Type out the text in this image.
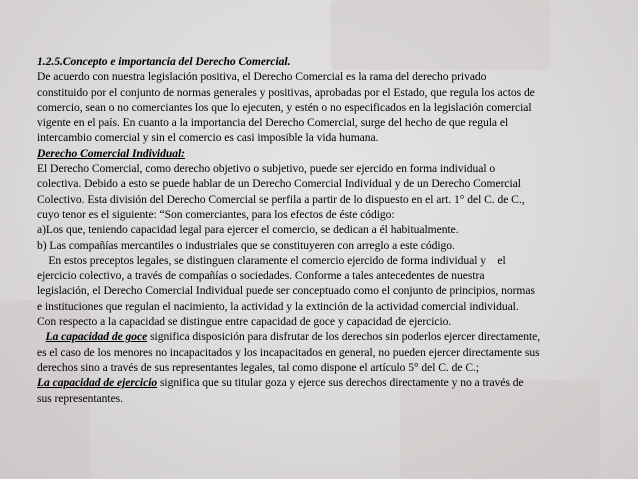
1.2.5.Concepto e importancia del Derecho Comercial.

De acuerdo con nuestra legislación positiva, el Derecho Comercial es la rama del derecho privado

constituido por el conjunto de normas generales y positivas, aprobadas por el Estado, que regula los actos de

comercio, sean o no comerciantes los que lo ejecuten, y estén o no especificados en la legislación comercial

vigente en el país. En cuanto a la importancia del Derecho Comercial, surge del hecho de que regula el

intercambio comercial y sin el comercio es casi imposible la vida humana.

Derecho Comercial Individual:

El Derecho Comercial, como derecho objetivo o subjetivo, puede ser ejercido en forma individual o

colectiva. Debido a esto se puede hablar de un Derecho Comercial Individual y de un Derecho Comercial

Colectivo. Esta división del Derecho Comercial se perfila a partir de lo dispuesto en el art. 1° del C. de C.,

cuyo tenor es el siguiente: “Son comerciantes, para los efectos de éste código:

a)Los que, teniendo capacidad legal para ejercer el comercio, se dedican a él habitualmente.

b) Las compañías mercantiles o industriales que se constituyeren con arreglo a este código.

En estos preceptos legales, se distinguen claramente el comercio ejercido de forma individual y    el

ejercicio colectivo, a través de compañías o sociedades. Conforme a tales antecedentes de nuestra

legislación, el Derecho Comercial Individual puede ser conceptuado como el conjunto de principios, normas

e instituciones que regulan el nacimiento, la actividad y la extinción de la actividad comercial individual.

Con respecto a la capacidad se distingue entre capacidad de goce y capacidad de ejercicio.

La capacidad de goce significa disposición para disfrutar de los derechos sin poderlos ejercer directamente,

es el caso de los menores no incapacitados y los incapacitados en general, no pueden ejercer directamente sus

derechos sino a través de sus representantes legales, tal como dispone el artículo 5° del C. de C.;

La capacidad de ejercicio significa que su titular goza y ejerce sus derechos directamente y no a través de

sus representantes.
